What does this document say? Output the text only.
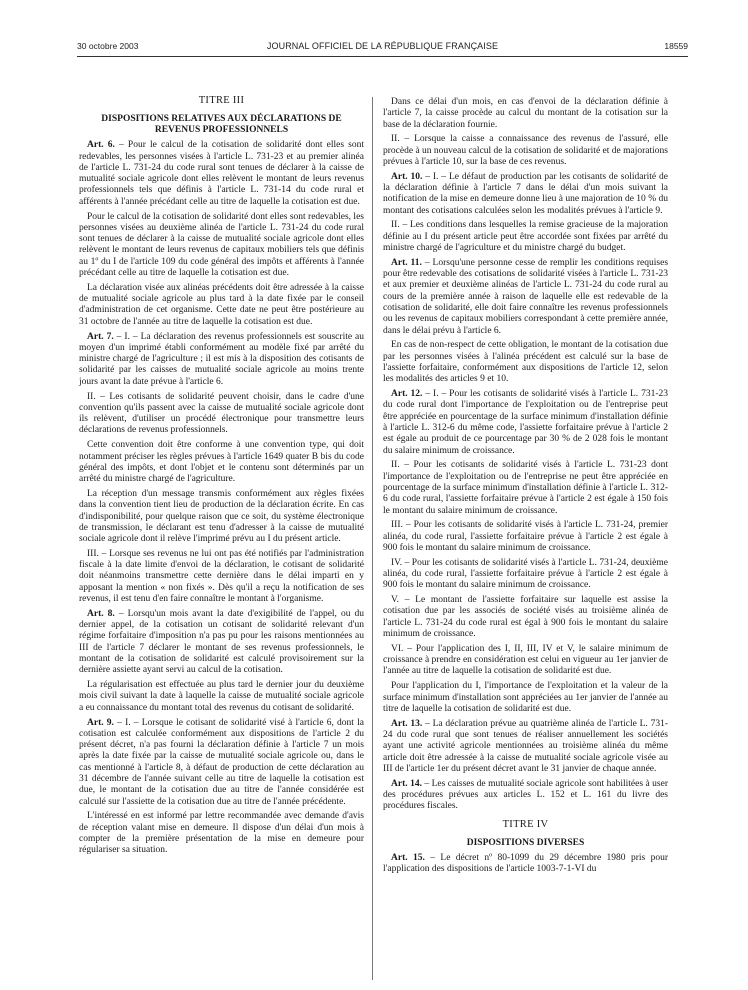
30 octobre 2003	JOURNAL OFFICIEL DE LA RÉPUBLIQUE FRANÇAISE	18559
TITRE III
DISPOSITIONS RELATIVES AUX DÉCLARATIONS DE REVENUS PROFESSIONNELS

Art. 6. – Pour le calcul de la cotisation de solidarité dont elles sont redevables, les personnes visées à l'article L. 731-23 et au premier alinéa de l'article L. 731-24 du code rural sont tenues de déclarer à la caisse de mutualité sociale agricole dont elles relèvent le montant de leurs revenus professionnels tels que définis à l'article L. 731-14 du code rural et afférents à l'année précédant celle au titre de laquelle la cotisation est due.

Pour le calcul de la cotisation de solidarité dont elles sont redevables, les personnes visées au deuxième alinéa de l'article L. 731-24 du code rural sont tenues de déclarer à la caisse de mutualité sociale agricole dont elles relèvent le montant de leurs revenus de capitaux mobiliers tels que définis au 1º du I de l'article 109 du code général des impôts et afférents à l'année précédant celle au titre de laquelle la cotisation est due.

La déclaration visée aux alinéas précédents doit être adressée à la caisse de mutualité sociale agricole au plus tard à la date fixée par le conseil d'administration de cet organisme. Cette date ne peut être postérieure au 31 octobre de l'année au titre de laquelle la cotisation est due.

Art. 7. – I. – La déclaration des revenus professionnels est souscrite au moyen d'un imprimé établi conformément au modèle fixé par arrêté du ministre chargé de l'agriculture ; il est mis à la disposition des cotisants de solidarité par les caisses de mutualité sociale agricole au moins trente jours avant la date prévue à l'article 6.

II. – Les cotisants de solidarité peuvent choisir, dans le cadre d'une convention qu'ils passent avec la caisse de mutualité sociale agricole dont ils relèvent, d'utiliser un procédé électronique pour transmettre leurs déclarations de revenus professionnels.

Cette convention doit être conforme à une convention type, qui doit notamment préciser les règles prévues à l'article 1649 quater B bis du code général des impôts, et dont l'objet et le contenu sont déterminés par un arrêté du ministre chargé de l'agriculture.

La réception d'un message transmis conformément aux règles fixées dans la convention tient lieu de production de la déclaration écrite. En cas d'indisponibilité, pour quelque raison que ce soit, du système électronique de transmission, le déclarant est tenu d'adresser à la caisse de mutualité sociale agricole dont il relève l'imprimé prévu au I du présent article.

III. – Lorsque ses revenus ne lui ont pas été notifiés par l'administration fiscale à la date limite d'envoi de la déclaration, le cotisant de solidarité doit néanmoins transmettre cette dernière dans le délai imparti en y apposant la mention « non fixés ». Dès qu'il a reçu la notification de ses revenus, il est tenu d'en faire connaître le montant à l'organisme.

Art. 8. – Lorsqu'un mois avant la date d'exigibilité de l'appel, ou du dernier appel, de la cotisation un cotisant de solidarité relevant d'un régime forfaitaire d'imposition n'a pas pu pour les raisons mentionnées au III de l'article 7 déclarer le montant de ses revenus professionnels, le montant de la cotisation de solidarité est calculé provisoirement sur la dernière assiette ayant servi au calcul de la cotisation.

La régularisation est effectuée au plus tard le dernier jour du deuxième mois civil suivant la date à laquelle la caisse de mutualité sociale agricole a eu connaissance du montant total des revenus du cotisant de solidarité.

Art. 9. – I. – Lorsque le cotisant de solidarité visé à l'article 6, dont la cotisation est calculée conformément aux dispositions de l'article 2 du présent décret, n'a pas fourni la déclaration définie à l'article 7 un mois après la date fixée par la caisse de mutualité sociale agricole ou, dans le cas mentionné à l'article 8, à défaut de production de cette déclaration au 31 décembre de l'année suivant celle au titre de laquelle la cotisation est due, le montant de la cotisation due au titre de l'année considérée est calculé sur l'assiette de la cotisation due au titre de l'année précédente.

L'intéressé en est informé par lettre recommandée avec demande d'avis de réception valant mise en demeure. Il dispose d'un délai d'un mois à compter de la première présentation de la mise en demeure pour régulariser sa situation.

Dans ce délai d'un mois, en cas d'envoi de la déclaration définie à l'article 7, la caisse procède au calcul du montant de la cotisation sur la base de la déclaration fournie.

II. – Lorsque la caisse a connaissance des revenus de l'assuré, elle procède à un nouveau calcul de la cotisation de solidarité et de majorations prévues à l'article 10, sur la base de ces revenus.

Art. 10. – I. – Le défaut de production par les cotisants de solidarité de la déclaration définie à l'article 7 dans le délai d'un mois suivant la notification de la mise en demeure donne lieu à une majoration de 10 % du montant des cotisations calculées selon les modalités prévues à l'article 9.

II. – Les conditions dans lesquelles la remise gracieuse de la majoration définie au I du présent article peut être accordée sont fixées par arrêté du ministre chargé de l'agriculture et du ministre chargé du budget.

Art. 11. – Lorsqu'une personne cesse de remplir les conditions requises pour être redevable des cotisations de solidarité visées à l'article L. 731-23 et aux premier et deuxième alinéas de l'article L. 731-24 du code rural au cours de la première année à raison de laquelle elle est redevable de la cotisation de solidarité, elle doit faire connaître les revenus professionnels ou les revenus de capitaux mobiliers correspondant à cette première année, dans le délai prévu à l'article 6.

En cas de non-respect de cette obligation, le montant de la cotisation due par les personnes visées à l'alinéa précédent est calculé sur la base de l'assiette forfaitaire, conformément aux dispositions de l'article 12, selon les modalités des articles 9 et 10.

Art. 12. – I. – Pour les cotisants de solidarité visés à l'article L. 731-23 du code rural dont l'importance de l'exploitation ou de l'entreprise peut être appréciée en pourcentage de la surface minimum d'installation définie à l'article L. 312-6 du même code, l'assiette forfaitaire prévue à l'article 2 est égale au produit de ce pourcentage par 30 % de 2 028 fois le montant du salaire minimum de croissance.

II. – Pour les cotisants de solidarité visés à l'article L. 731-23 dont l'importance de l'exploitation ou de l'entreprise ne peut être appréciée en pourcentage de la surface minimum d'installation définie à l'article L. 312-6 du code rural, l'assiette forfaitaire prévue à l'article 2 est égale à 150 fois le montant du salaire minimum de croissance.

III. – Pour les cotisants de solidarité visés à l'article L. 731-24, premier alinéa, du code rural, l'assiette forfaitaire prévue à l'article 2 est égale à 900 fois le montant du salaire minimum de croissance.

IV. – Pour les cotisants de solidarité visés à l'article L. 731-24, deuxième alinéa, du code rural, l'assiette forfaitaire prévue à l'article 2 est égale à 900 fois le montant du salaire minimum de croissance.

V. – Le montant de l'assiette forfaitaire sur laquelle est assise la cotisation due par les associés de société visés au troisième alinéa de l'article L. 731-24 du code rural est égal à 900 fois le montant du salaire minimum de croissance.

VI. – Pour l'application des I, II, III, IV et V, le salaire minimum de croissance à prendre en considération est celui en vigueur au 1er janvier de l'année au titre de laquelle la cotisation de solidarité est due.

Pour l'application du I, l'importance de l'exploitation et la valeur de la surface minimum d'installation sont appréciées au 1er janvier de l'année au titre de laquelle la cotisation de solidarité est due.

Art. 13. – La déclaration prévue au quatrième alinéa de l'article L. 731-24 du code rural que sont tenues de réaliser annuellement les sociétés ayant une activité agricole mentionnées au troisième alinéa du même article doit être adressée à la caisse de mutualité sociale agricole visée au III de l'article 1er du présent décret avant le 31 janvier de chaque année.

Art. 14. – Les caisses de mutualité sociale agricole sont habilitées à user des procédures prévues aux articles L. 152 et L. 161 du livre des procédures fiscales.

TITRE IV
DISPOSITIONS DIVERSES

Art. 15. – Le décret nº 80-1099 du 29 décembre 1980 pris pour l'application des dispositions de l'article 1003-7-1-VI du
